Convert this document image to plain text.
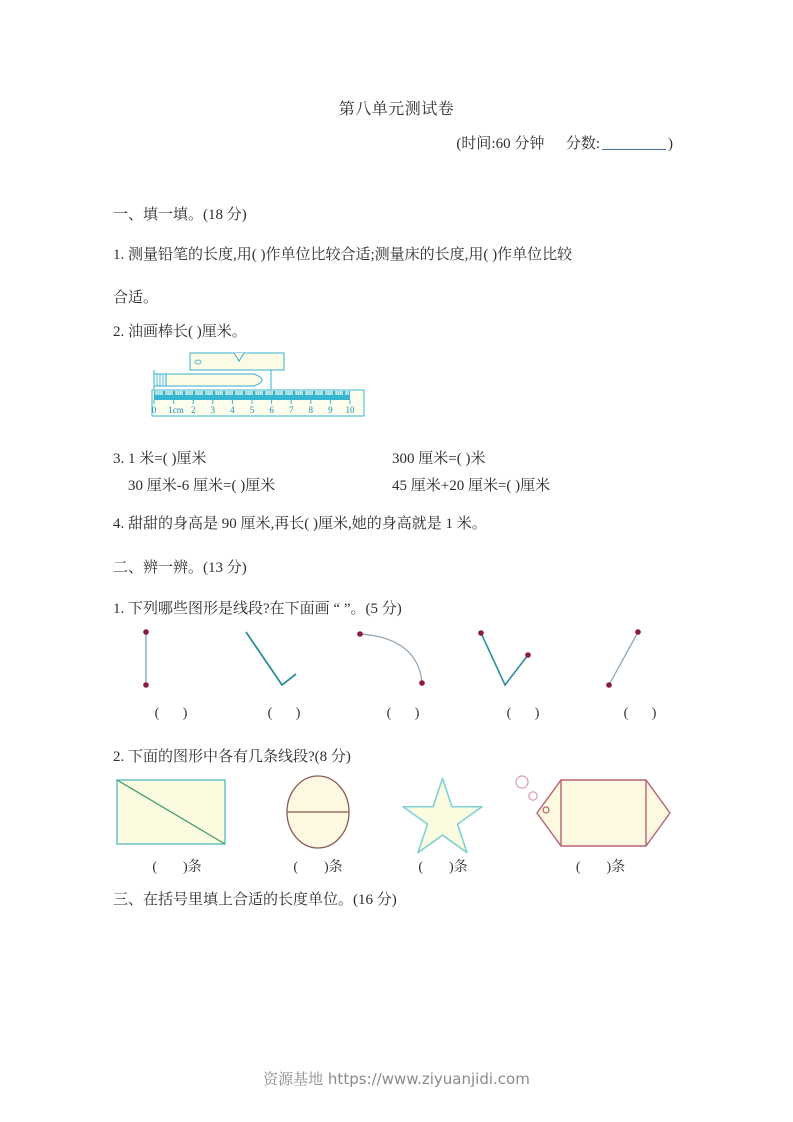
第八单元测试卷
(时间:60 分钟 分数:	)
一、填一填。(18 分)
1. 测量铅笔的长度,用( )作单位比较合适;测量床的长度,用( )作单位比较
合适。
2. 油画棒长( )厘米。
0 1cm 2 3 4 5 6 7 8 9 10
3. 1 米=( )厘米	300 厘米=( )米
30 厘米-6 厘米=( )厘米	45 厘米+20 厘米=( )厘米
4. 甜甜的身高是 90 厘米,再长( )厘米,她的身高就是 1 米。
二、辨一辨。(13 分)
1. 下列哪些图形是线段?在下面画 “ ”。(5 分)
( )	( )	( )	( )	( )
2. 下面的图形中各有几条线段?(8 分)
( )条	( )条	( )条	( )条
三、在括号里填上合适的长度单位。(16 分)
资源基地 https://www.ziyuanjidi.com
